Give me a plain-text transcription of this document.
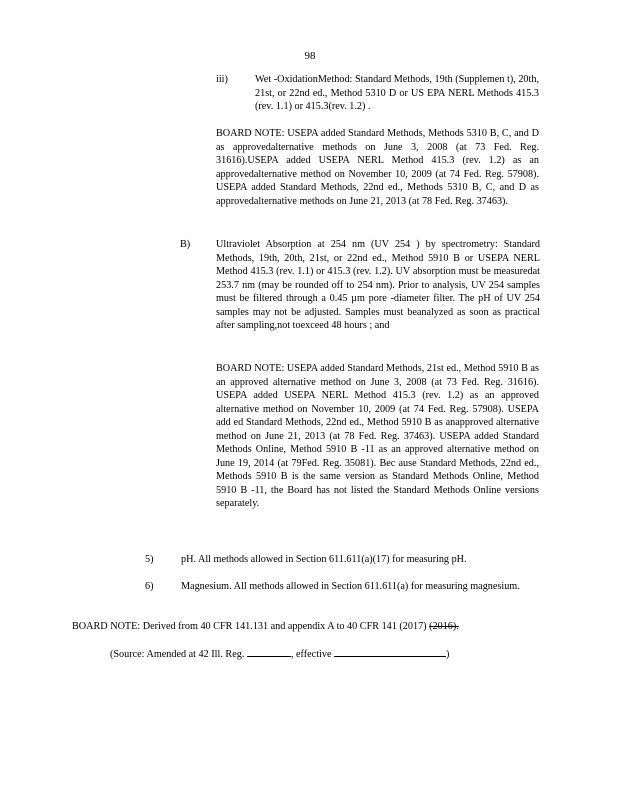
98
iii)	Wet -OxidationMethod: Standard Methods, 19th (Supplemen t), 20th, 21st, or 22nd ed., Method 5310 D or US EPA NERL Methods 415.3 (rev. 1.1) or 415.3(rev. 1.2) .
BOARD NOTE: USEPA added Standard Methods, Methods 5310 B, C, and D as approvedalternative methods on June 3, 2008 (at 73 Fed. Reg. 31616).USEPA added USEPA NERL Method 415.3 (rev. 1.2) as an approvedalternative method on November 10, 2009 (at 74 Fed. Reg. 57908). USEPA added Standard Methods, 22nd ed., Methods 5310 B, C, and D as approvedalternative methods on June 21, 2013 (at 78 Fed. Reg. 37463).
B)	Ultraviolet Absorption at 254 nm (UV 254 ) by spectrometry: Standard Methods, 19th, 20th, 21st, or 22nd ed., Method 5910 B or USEPA NERL Method 415.3 (rev. 1.1) or 415.3 (rev. 1.2). UV absorption must be measuredat 253.7 nm (may be rounded off to 254 nm). Prior to analysis, UV 254 samples must be filtered through a 0.45 µm pore -diameter filter. The pH of UV 254 samples may not be adjusted. Samples must beanalyzed as soon as practical after sampling,not toexceed 48 hours ; and
BOARD NOTE: USEPA added Standard Methods, 21st ed., Method 5910 B as an approved alternative method on June 3, 2008 (at 73 Fed. Reg. 31616). USEPA added USEPA NERL Method 415.3 (rev. 1.2) as an approved alternative method on November 10, 2009 (at 74 Fed. Reg. 57908). USEPA add ed Standard Methods, 22nd ed., Method 5910 B as anapproved alternative method on June 21, 2013 (at 78 Fed. Reg. 37463). USEPA added Standard Methods Online, Method 5910 B -11 as an approved alternative method on June 19, 2014 (at 79Fed. Reg. 35081). Bec ause Standard Methods, 22nd ed., Methods 5910 B is the same version as Standard Methods Online, Method 5910 B -11, the Board has not listed the Standard Methods Online versions separately.
5)	pH. All methods allowed in Section 611.611(a)(17) for measuring pH.
6)	Magnesium. All methods allowed in Section 611.611(a) for measuring magnesium.
BOARD NOTE: Derived from 40 CFR 141.131 and appendix A to 40 CFR 141 (2017) (2016).
(Source: Amended at 42 Ill. Reg.	, effective	)
